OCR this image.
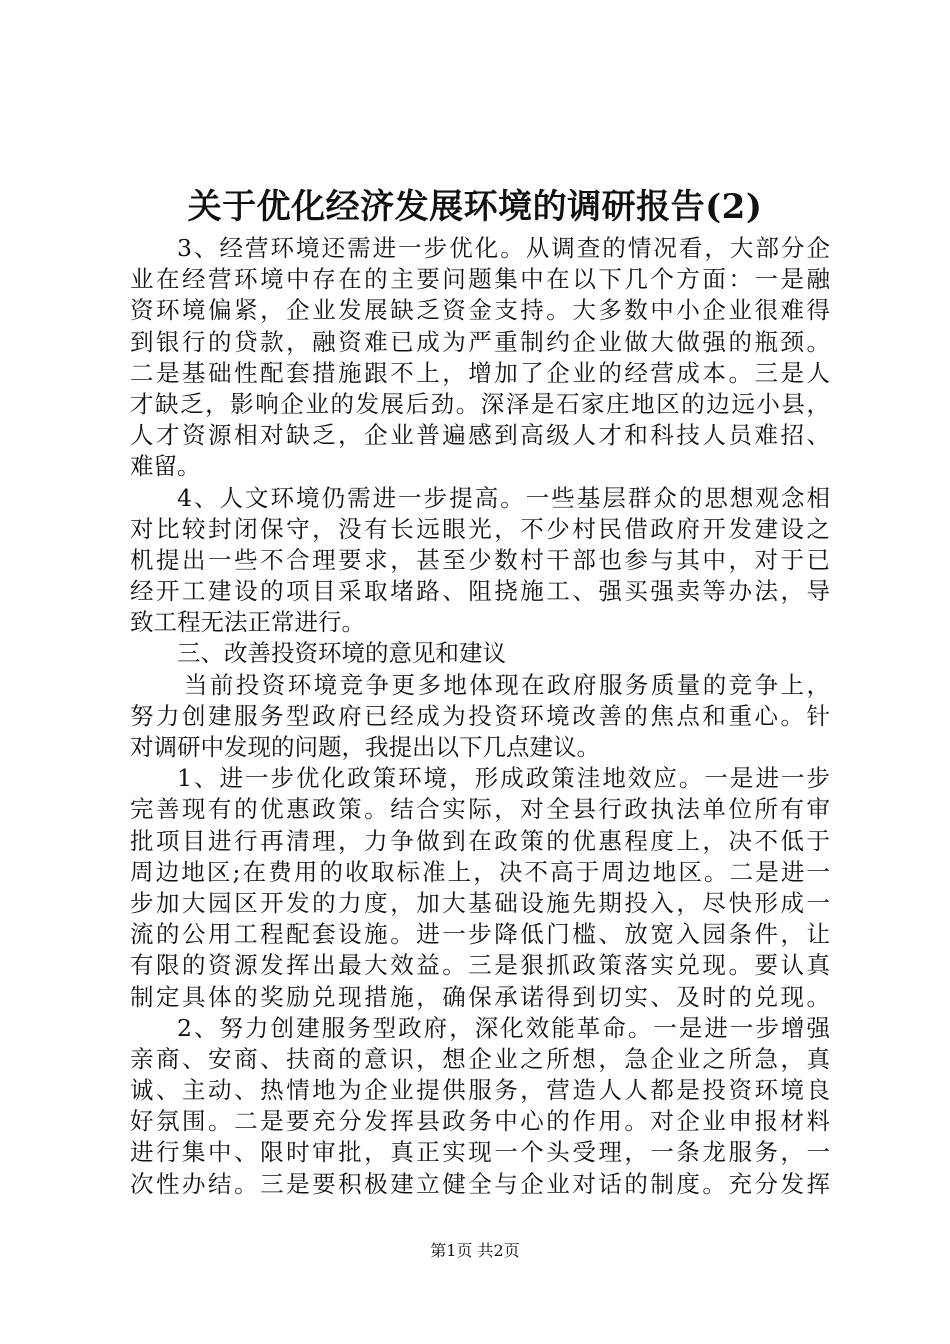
关于优化经济发展环境的调研报告(2)
3、经营环境还需进一步优化。从调查的情况看，大部分企
业在经营环境中存在的主要问题集中在以下几个方面：一是融
资环境偏紧，企业发展缺乏资金支持。大多数中小企业很难得
到银行的贷款，融资难已成为严重制约企业做大做强的瓶颈。
二是基础性配套措施跟不上，增加了企业的经营成本。三是人
才缺乏，影响企业的发展后劲。深泽是石家庄地区的边远小县，
人才资源相对缺乏，企业普遍感到高级人才和科技人员难招、
难留。
4、人文环境仍需进一步提高。一些基层群众的思想观念相
对比较封闭保守，没有长远眼光，不少村民借政府开发建设之
机提出一些不合理要求，甚至少数村干部也参与其中，对于已
经开工建设的项目采取堵路、阻挠施工、强买强卖等办法，导
致工程无法正常进行。
三、改善投资环境的意见和建议
当前投资环境竞争更多地体现在政府服务质量的竞争上，
努力创建服务型政府已经成为投资环境改善的焦点和重心。针
对调研中发现的问题，我提出以下几点建议。
1、进一步优化政策环境，形成政策洼地效应。一是进一步
完善现有的优惠政策。结合实际，对全县行政执法单位所有审
批项目进行再清理，力争做到在政策的优惠程度上，决不低于
周边地区;在费用的收取标准上，决不高于周边地区。二是进一
步加大园区开发的力度，加大基础设施先期投入，尽快形成一
流的公用工程配套设施。进一步降低门槛、放宽入园条件，让
有限的资源发挥出最大效益。三是狠抓政策落实兑现。要认真
制定具体的奖励兑现措施，确保承诺得到切实、及时的兑现。
2、努力创建服务型政府，深化效能革命。一是进一步增强
亲商、安商、扶商的意识，想企业之所想，急企业之所急，真
诚、主动、热情地为企业提供服务，营造人人都是投资环境良
好氛围。二是要充分发挥县政务中心的作用。对企业申报材料
进行集中、限时审批，真正实现一个头受理，一条龙服务，一
次性办结。三是要积极建立健全与企业对话的制度。充分发挥
第1页 共2页
